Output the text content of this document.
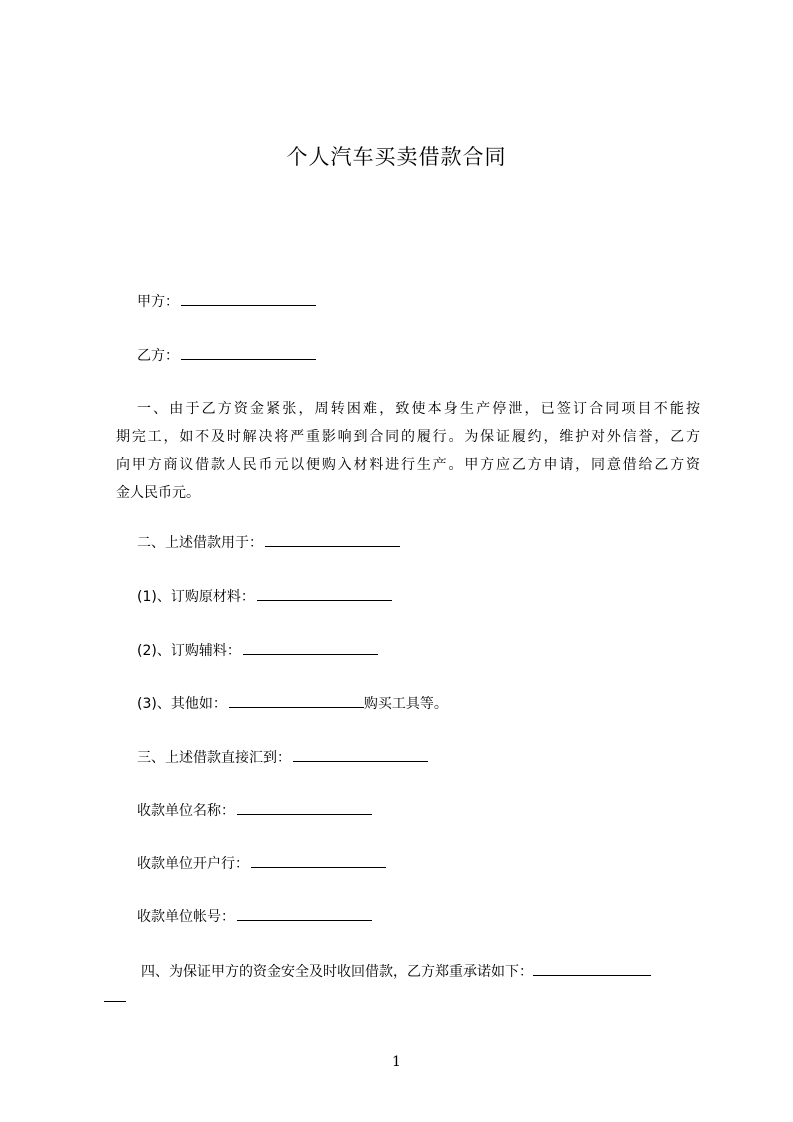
个人汽车买卖借款合同
甲方：
乙方：
一、由于乙方资金紧张，周转困难，致使本身生产停泄，已签订合同项目不能按
期完工，如不及时解决将严重影响到合同的履行。为保证履约，维护对外信誉，乙方
向甲方商议借款人民币元以便购入材料进行生产。甲方应乙方申请，同意借给乙方资
金人民币元。
二、上述借款用于：
(1)、订购原材料：
(2)、订购辅料：
(3)、其他如：	购买工具等。
三、上述借款直接汇到：
收款单位名称：
收款单位开户行：
收款单位帐号：
四、为保证甲方的资金安全及时收回借款，乙方郑重承诺如下：
1
